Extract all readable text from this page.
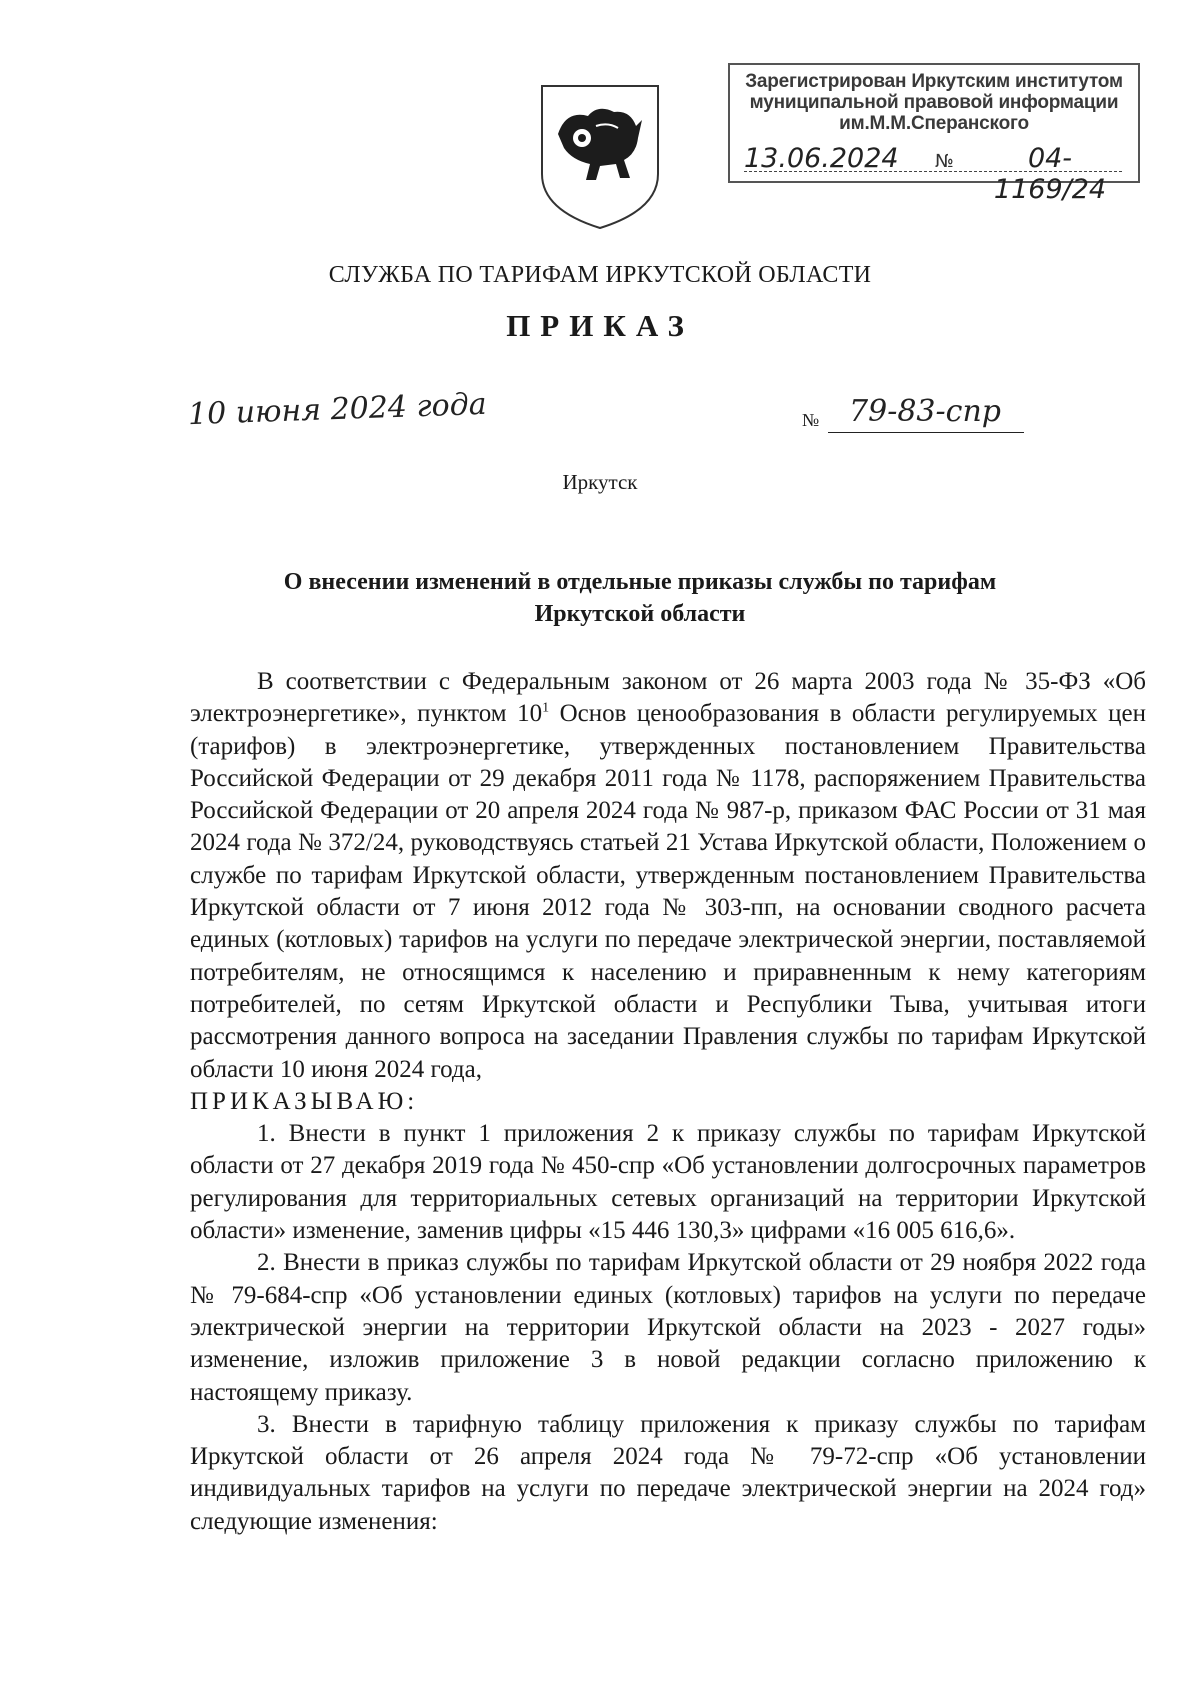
Зарегистрирован Иркутским институтом
муниципальной правовой информации
им.М.М.Сперанского
13.06.2024 №	04-1169/24
СЛУЖБА ПО ТАРИФАМ ИРКУТСКОЙ ОБЛАСТИ
ПРИКАЗ
10 июня 2024 года	№ 79-83-спр
Иркутск
О внесении изменений в отдельные приказы службы по тарифам
Иркутской области

В соответствии с Федеральным законом от 26 марта 2003 года № 35-ФЗ «Об электроэнергетике», пунктом $10^1$ Основ ценообразования в области регулируемых цен (тарифов) в электроэнергетике, утвержденных постановлением Правительства Российской Федерации от 29 декабря 2011 года № 1178, распоряжением Правительства Российской Федерации от 20 апреля 2024 года № 987-р, приказом ФАС России от 31 мая 2024 года № 372/24, руководствуясь статьей 21 Устава Иркутской области, Положением о службе по тарифам Иркутской области, утвержденным постановлением Правительства Иркутской области от 7 июня 2012 года № 303-пп, на основании сводного расчета единых (котловых) тарифов на услуги по передаче электрической энергии, поставляемой потребителям, не относящимся к населению и приравненным к нему категориям потребителей, по сетям Иркутской области и Республики Тыва, учитывая итоги рассмотрения данного вопроса на заседании Правления службы по тарифам Иркутской области 10 июня 2024 года,

ПРИКАЗЫВАЮ:

1. Внести в пункт 1 приложения 2 к приказу службы по тарифам Иркутской области от 27 декабря 2019 года № 450-спр «Об установлении долгосрочных параметров регулирования для территориальных сетевых организаций на территории Иркутской области» изменение, заменив цифры «15 446 130,3» цифрами «16 005 616,6».

2. Внести в приказ службы по тарифам Иркутской области от 29 ноября 2022 года № 79-684-спр «Об установлении единых (котловых) тарифов на услуги по передаче электрической энергии на территории Иркутской области на 2023 - 2027 годы» изменение, изложив приложение 3 в новой редакции согласно приложению к настоящему приказу.

3. Внести в тарифную таблицу приложения к приказу службы по тарифам Иркутской области от 26 апреля 2024 года № 79-72-спр «Об установлении индивидуальных тарифов на услуги по передаче электрической энергии на 2024 год» следующие изменения:
